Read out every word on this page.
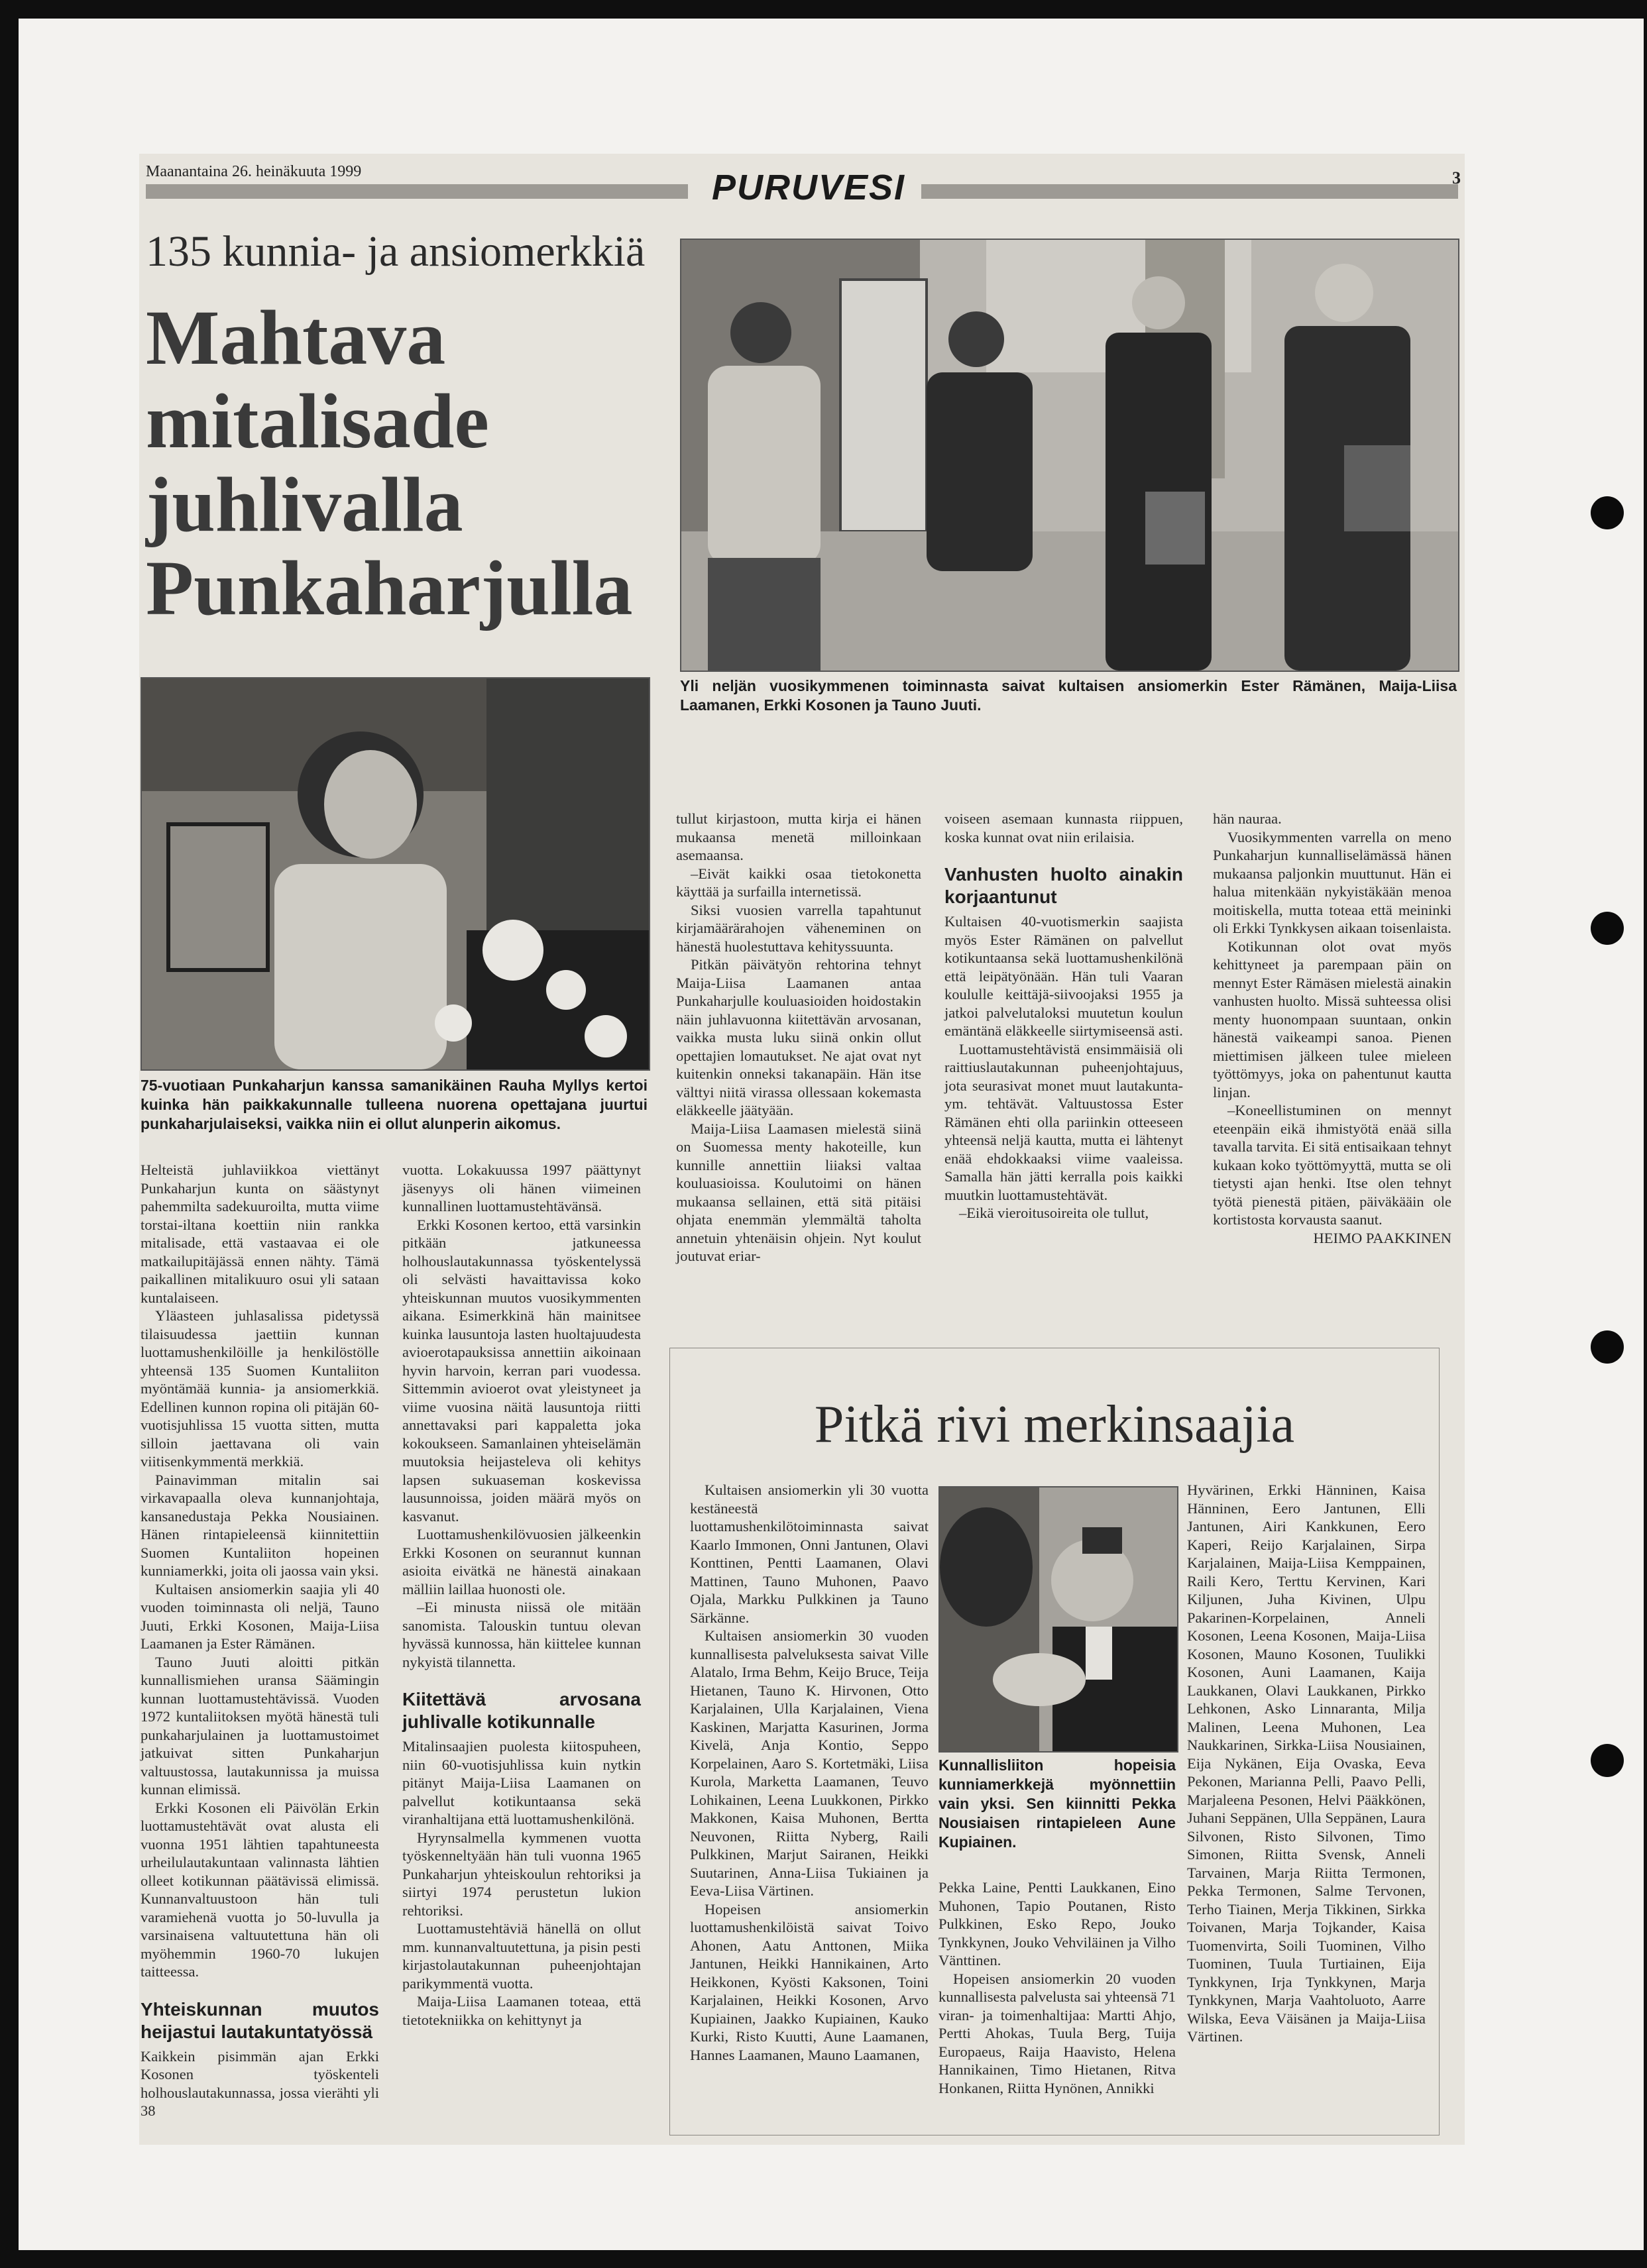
Maanantaina 26. heinäkuuta 1999	PURUVESI	3
135 kunnia- ja ansiomerkkiä
Mahtava
mitalisade
juhlivalla
Punkaharjulla
Yli neljän vuosikymmenen toiminnasta saivat kultaisen ansiomerkin Ester Rämänen, Maija-Liisa Laamanen, Erkki Kosonen ja Tauno Juuti.
75-vuotiaan Punkaharjun kanssa samanikäinen Rauha Myllys kertoi kuinka hän paikkakunnalle tulleena nuorena opettajana juurtui punkaharjulaiseksi, vaikka niin ei ollut alunperin aikomus.

Helteistä juhlaviikkoa viettänyt Punkaharjun kunta on säästynyt pahemmilta sadekuuroilta, mutta viime torstai-iltana koettiin niin rankka mitalisade, että vastaavaa ei ole matkailupitäjässä ennen nähty. Tämä paikallinen mitalikuuro osui yli sataan kuntalaiseen.

Yläasteen juhlasalissa pidetyssä tilaisuudessa jaettiin kunnan luottamushenkilöille ja henkilöstölle yhteensä 135 Suomen Kuntaliiton myöntämää kunnia- ja ansiomerkkiä. Edellinen kunnon ropina oli pitäjän 60-vuotisjuhlissa 15 vuotta sitten, mutta silloin jaettavana oli vain viitisenkymmentä merkkiä.

Painavimman mitalin sai virkavapaalla oleva kunnanjohtaja, kansanedustaja Pekka Nousiainen. Hänen rintapieleensä kiinnitettiin Suomen Kuntaliiton hopeinen kunniamerkki, joita oli jaossa vain yksi.

Kultaisen ansiomerkin saajia yli 40 vuoden toiminnasta oli neljä, Tauno Juuti, Erkki Kosonen, Maija-Liisa Laamanen ja Ester Rämänen.

Tauno Juuti aloitti pitkän kunnallismiehen uransa Säämingin kunnan luottamustehtävissä. Vuoden 1972 kuntaliitoksen myötä hänestä tuli punkaharjulainen ja luottamustoimet jatkuivat sitten Punkaharjun valtuustossa, lautakunnissa ja muissa kunnan elimissä.

Erkki Kosonen eli Päivölän Erkin luottamustehtävät ovat alusta eli vuonna 1951 lähtien tapahtuneesta urheilulautakuntaan valinnasta lähtien olleet kotikunnan päätävissä elimissä. Kunnanvaltuustoon hän tuli varamiehenä vuotta jo 50-luvulla ja varsinaisena valtuutettuna hän oli myöhemmin 1960-70 lukujen taitteessa.

Yhteiskunnan muutos heijastui lautakuntatyössä

Kaikkein pisimmän ajan Erkki Kosonen työskenteli holhouslautakunnassa, jossa vierähti yli 38

vuotta. Lokakuussa 1997 päättynyt jäsenyys oli hänen viimeinen kunnallinen luottamustehtävänsä.

Erkki Kosonen kertoo, että varsinkin pitkään jatkuneessa holhouslautakunnassa työskentelyssä oli selvästi havaittavissa koko yhteiskunnan muutos vuosikymmenten aikana. Esimerkkinä hän mainitsee kuinka lausuntoja lasten huoltajuudesta avioerotapauksissa annettiin aikoinaan hyvin harvoin, kerran pari vuodessa. Sittemmin avioerot ovat yleistyneet ja viime vuosina näitä lausuntoja riitti annettavaksi pari kappaletta joka kokoukseen. Samanlainen yhteiselämän muutoksia heijasteleva oli kehitys lapsen sukuaseman koskevissa lausunnoissa, joiden määrä myös on kasvanut.

Luottamushenkilövuosien jälkeenkin Erkki Kosonen on seurannut kunnan asioita eivätkä ne hänestä ainakaan mälliin laillaa huonosti ole.

–Ei minusta niissä ole mitään sanomista. Talouskin tuntuu olevan hyvässä kunnossa, hän kiittelee kunnan nykyistä tilannetta.

Kiitettävä arvosana juhlivalle kotikunnalle

Mitalinsaajien puolesta kiitospuheen, niin 60-vuotisjuhlissa kuin nytkin pitänyt Maija-Liisa Laamanen on palvellut kotikuntaansa sekä viranhaltijana että luottamushenkilönä.

Hyrynsalmella kymmenen vuotta työskenneltyään hän tuli vuonna 1965 Punkaharjun yhteiskoulun rehtoriksi ja siirtyi 1974 perustetun lukion rehtoriksi.

Luottamustehtäviä hänellä on ollut mm. kunnanvaltuutettuna, ja pisin pesti kirjastolautakunnan puheenjohtajan parikymmentä vuotta.

Maija-Liisa Laamanen toteaa, että tietotekniikka on kehittynyt ja

tullut kirjastoon, mutta kirja ei hänen mukaansa menetä milloinkaan asemaansa.

–Eivät kaikki osaa tietokonetta käyttää ja surfailla internetissä.

Siksi vuosien varrella tapahtunut kirjamäärärahojen väheneminen on hänestä huolestuttava kehityssuunta.

Pitkän päivätyön rehtorina tehnyt Maija-Liisa Laamanen antaa Punkaharjulle kouluasioiden hoidostakin näin juhlavuonna kiitettävän arvosanan, vaikka musta luku siinä onkin ollut opettajien lomautukset. Ne ajat ovat nyt kuitenkin onneksi takanapäin. Hän itse välttyi niitä virassa ollessaan kokemasta eläkkeelle jäätyään.

Maija-Liisa Laamasen mielestä siinä on Suomessa menty hakoteille, kun kunnille annettiin liiaksi valtaa kouluasioissa. Koulutoimi on hänen mukaansa sellainen, että sitä pitäisi ohjata enemmän ylemmältä taholta annetuin yhtenäisin ohjein. Nyt koulut joutuvat eriar-

voiseen asemaan kunnasta riippuen, koska kunnat ovat niin erilaisia.

Vanhusten huolto ainakin korjaantunut

Kultaisen 40-vuotismerkin saajista myös Ester Rämänen on palvellut kotikuntaansa sekä luottamushenkilönä että leipätyönään. Hän tuli Vaaran koululle keittäjä-siivoojaksi 1955 ja jatkoi palvelutaloksi muutetun koulun emäntänä eläkkeelle siirtymiseensä asti.

Luottamustehtävistä ensimmäisiä oli raittiuslautakunnan puheenjohtajuus, jota seurasivat monet muut lautakunta- ym. tehtävät. Valtuustossa Ester Rämänen ehti olla pariinkin otteeseen yhteensä neljä kautta, mutta ei lähtenyt enää ehdokkaaksi viime vaaleissa. Samalla hän jätti kerralla pois kaikki muutkin luottamustehtävät.

–Eikä vieroitusoireita ole tullut,

hän nauraa.

Vuosikymmenten varrella on meno Punkaharjun kunnalliselämässä hänen mukaansa paljonkin muuttunut. Hän ei halua mitenkään nykyistäkään menoa moitiskella, mutta toteaa että meininki oli Erkki Tynkkysen aikaan toisenlaista.

Kotikunnan olot ovat myös kehittyneet ja parempaan päin on mennyt Ester Rämäsen mielestä ainakin vanhusten huolto. Missä suhteessa olisi menty huonompaan suuntaan, onkin hänestä vaikeampi sanoa. Pienen miettimisen jälkeen tulee mieleen työttömyys, joka on pahentunut kautta linjan.

–Koneellistuminen on mennyt eteenpäin eikä ihmistyötä enää silla tavalla tarvita. Ei sitä entisaikaan tehnyt kukaan koko työttömyyttä, mutta se oli tietysti ajan henki. Itse olen tehnyt työtä pienestä pitäen, päiväkääin ole kortistosta korvausta saanut.

HEIMO PAAKKINEN

Pitkä rivi merkinsaajia

Kultaisen ansiomerkin yli 30 vuotta kestäneestä luottamushenkilötoiminnasta saivat Kaarlo Immonen, Onni Jantunen, Olavi Konttinen, Pentti Laamanen, Olavi Mattinen, Tauno Muhonen, Paavo Ojala, Markku Pulkkinen ja Tauno Särkänne.

Kultaisen ansiomerkin 30 vuoden kunnallisesta palveluksesta saivat Ville Alatalo, Irma Behm, Keijo Bruce, Teija Hietanen, Tauno K. Hirvonen, Otto Karjalainen, Ulla Karjalainen, Viena Kaskinen, Marjatta Kasurinen, Jorma Kivelä, Anja Kontio, Seppo Korpelainen, Aaro S. Kortetmäki, Liisa Kurola, Marketta Laamanen, Teuvo Lohikainen, Leena Luukkonen, Pirkko Makkonen, Kaisa Muhonen, Bertta Neuvonen, Riitta Nyberg, Raili Pulkkinen, Marjut Sairanen, Heikki Suutarinen, Anna-Liisa Tukiainen ja Eeva-Liisa Värtinen.

Hopeisen ansiomerkin luottamushenkilöistä saivat Toivo Ahonen, Aatu Anttonen, Miika Jantunen, Heikki Hannikainen, Arto Heikkonen, Kyösti Kaksonen, Toini Karjalainen, Heikki Kosonen, Arvo Kupiainen, Jaakko Kupiainen, Kauko Kurki, Risto Kuutti, Aune Laamanen, Hannes Laamanen, Mauno Laamanen,

Kunnallisliiton hopeisia kunniamerkkejä myönnettiin vain yksi. Sen kiinnitti Pekka Nousiaisen rintapieleen Aune Kupiainen.

Pekka Laine, Pentti Laukkanen, Eino Muhonen, Tapio Poutanen, Risto Pulkkinen, Esko Repo, Jouko Tynkkynen, Jouko Vehviläinen ja Vilho Vänttinen.

Hopeisen ansiomerkin 20 vuoden kunnallisesta palvelusta sai yhteensä 71 viran- ja toimenhaltijaa: Martti Ahjo, Pertti Ahokas, Tuula Berg, Tuija Europaeus, Raija Haavisto, Helena Hannikainen, Timo Hietanen, Ritva Honkanen, Riitta Hynönen, Annikki

Hyvärinen, Erkki Hänninen, Kaisa Hänninen, Eero Jantunen, Elli Jantunen, Airi Kankkunen, Eero Kaperi, Reijo Karjalainen, Sirpa Karjalainen, Maija-Liisa Kemppainen, Raili Kero, Terttu Kervinen, Kari Kiljunen, Juha Kivinen, Ulpu Pakarinen-Korpelainen, Anneli Kosonen, Leena Kosonen, Maija-Liisa Kosonen, Mauno Kosonen, Tuulikki Kosonen, Auni Laamanen, Kaija Laukkanen, Olavi Laukkanen, Pirkko Lehkonen, Asko Linnaranta, Milja Malinen, Leena Muhonen, Lea Naukkarinen, Sirkka-Liisa Nousiainen, Eija Nykänen, Eija Ovaska, Eeva Pekonen, Marianna Pelli, Paavo Pelli, Marjaleena Pesonen, Helvi Pääkkönen, Juhani Seppänen, Ulla Seppänen, Laura Silvonen, Risto Silvonen, Timo Simonen, Riitta Svensk, Anneli Tarvainen, Marja Riitta Termonen, Pekka Termonen, Salme Tervonen, Terho Tiainen, Merja Tikkinen, Sirkka Toivanen, Marja Tojkander, Kaisa Tuomenvirta, Soili Tuominen, Vilho Tuominen, Tuula Turtiainen, Eija Tynkkynen, Irja Tynkkynen, Marja Tynkkynen, Marja Vaahtoluoto, Aarre Wilska, Eeva Väisänen ja Maija-Liisa Värtinen.
